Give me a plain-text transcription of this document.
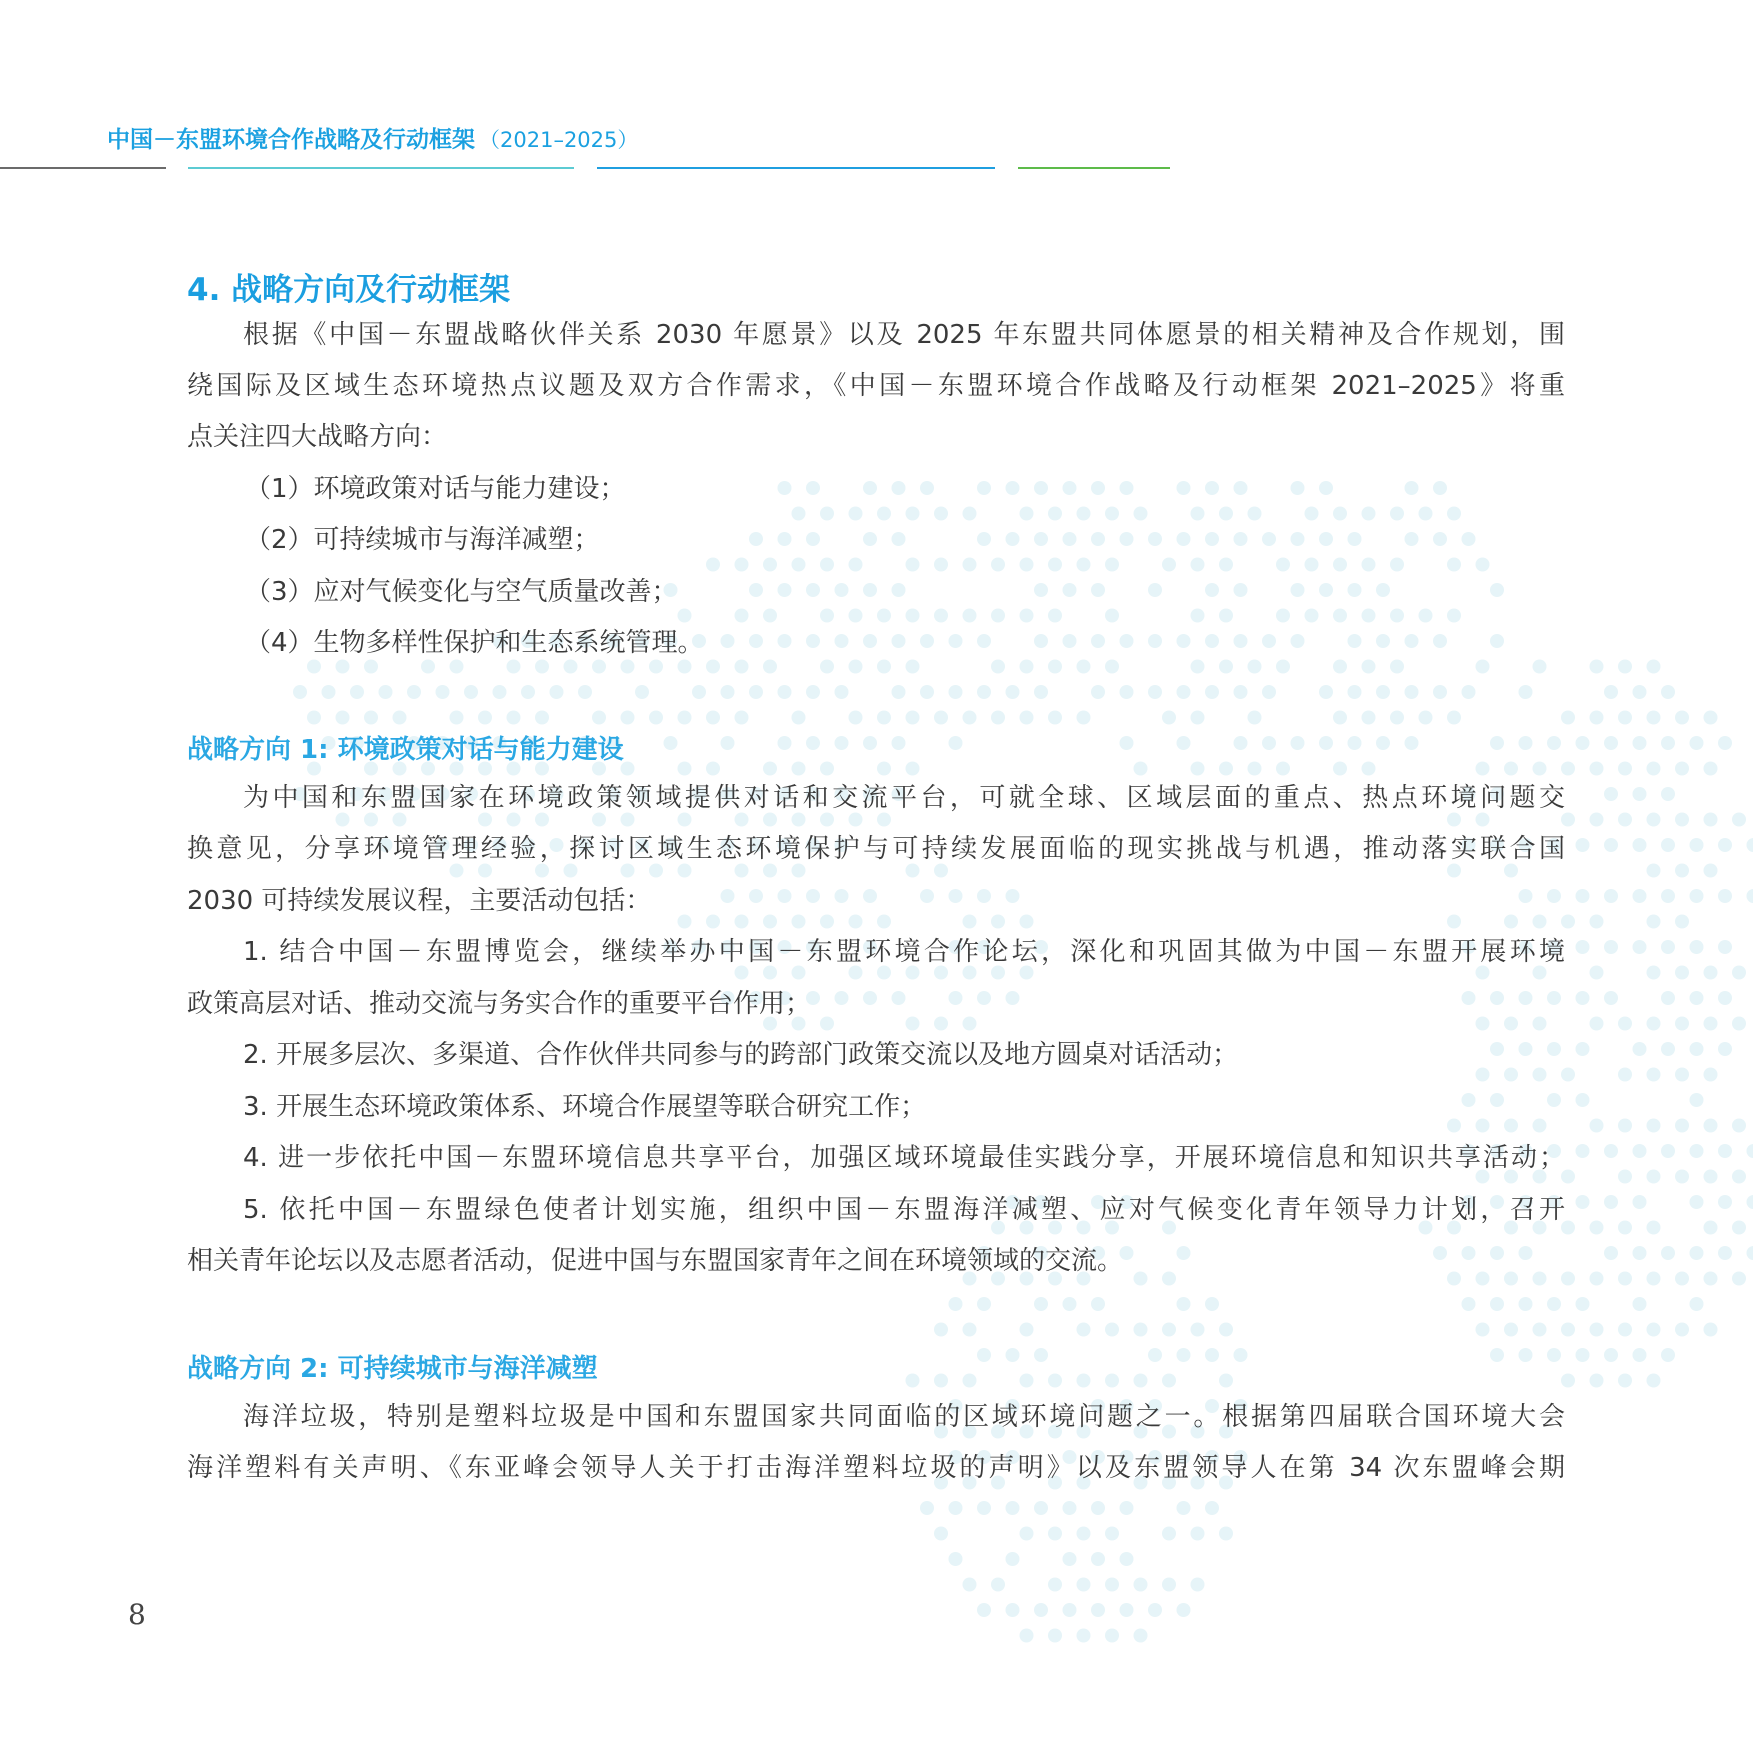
中国－东盟环境合作战略及行动框架 （2021–2025）
4. 战略方向及行动框架
根据《中国－东盟战略伙伴关系 2030 年愿景》以及 2025 年东盟共同体愿景的相关精神及合作规划，围
绕国际及区域生态环境热点议题及双方合作需求，《中国－东盟环境合作战略及行动框架 2021–2025》将重
点关注四大战略方向：
（1）环境政策对话与能力建设；
（2）可持续城市与海洋减塑；
（3）应对气候变化与空气质量改善；
（4）生物多样性保护和生态系统管理。
战略方向 1: 环境政策对话与能力建设
为中国和东盟国家在环境政策领域提供对话和交流平台，可就全球、区域层面的重点、热点环境问题交
换意见，分享环境管理经验，探讨区域生态环境保护与可持续发展面临的现实挑战与机遇，推动落实联合国
2030 可持续发展议程，主要活动包括：
1. 结合中国－东盟博览会，继续举办中国－东盟环境合作论坛，深化和巩固其做为中国－东盟开展环境
政策高层对话、推动交流与务实合作的重要平台作用；
2. 开展多层次、多渠道、合作伙伴共同参与的跨部门政策交流以及地方圆桌对话活动；
3. 开展生态环境政策体系、环境合作展望等联合研究工作；
4. 进一步依托中国－东盟环境信息共享平台，加强区域环境最佳实践分享，开展环境信息和知识共享活动；
5. 依托中国－东盟绿色使者计划实施，组织中国－东盟海洋减塑、应对气候变化青年领导力计划，召开
相关青年论坛以及志愿者活动，促进中国与东盟国家青年之间在环境领域的交流。
战略方向 2: 可持续城市与海洋减塑
海洋垃圾，特别是塑料垃圾是中国和东盟国家共同面临的区域环境问题之一。根据第四届联合国环境大会
海洋塑料有关声明、《东亚峰会领导人关于打击海洋塑料垃圾的声明》以及东盟领导人在第 34 次东盟峰会期
8
